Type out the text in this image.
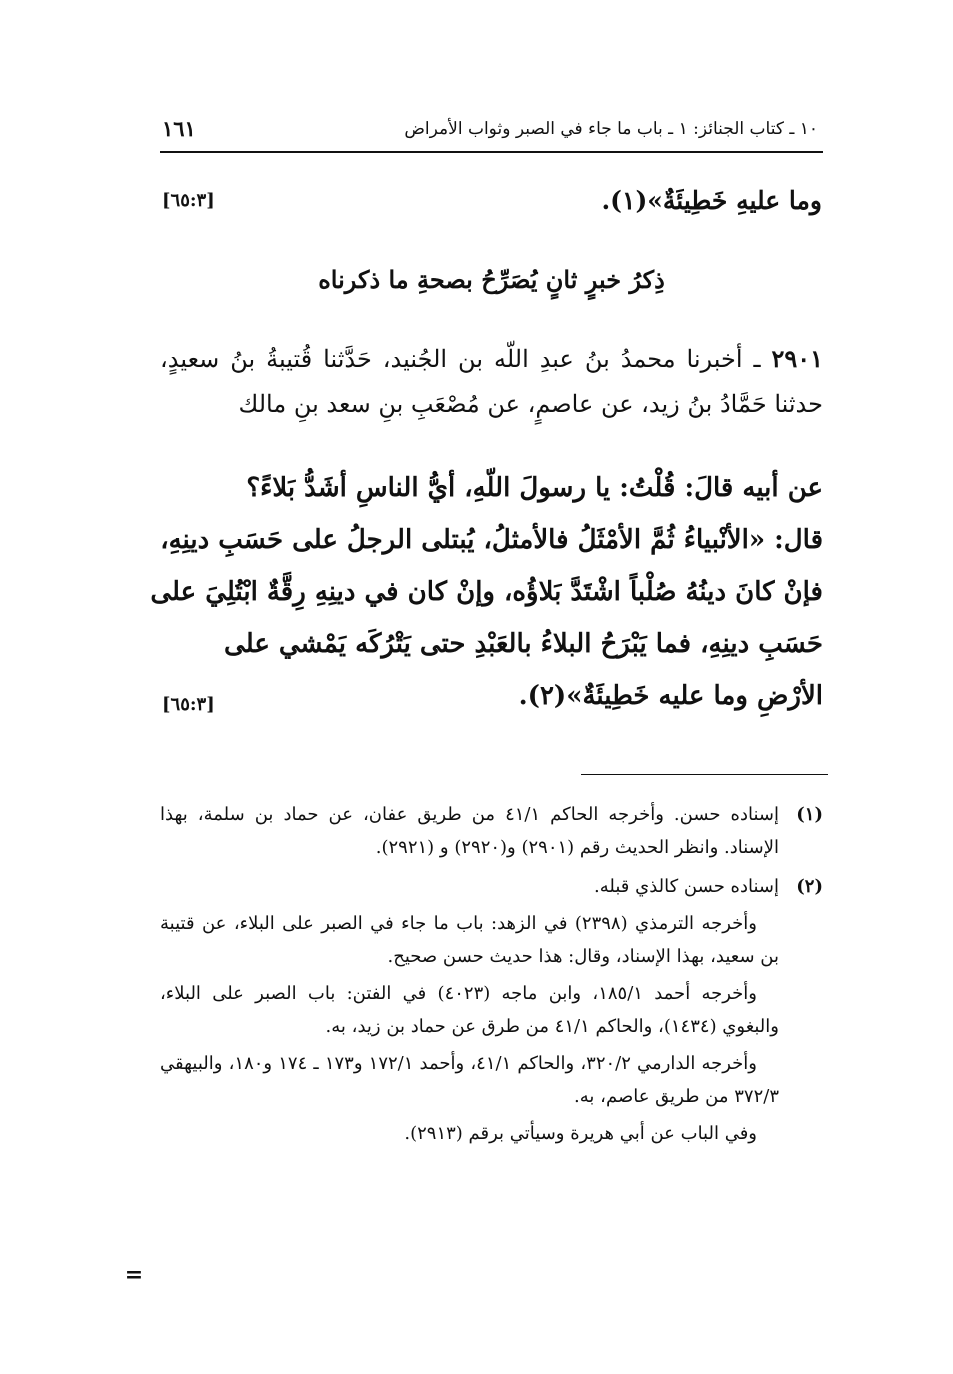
١٠ ـ كتاب الجنائز: ١ ـ باب ما جاء في الصبر وثواب الأمراض
١٦١
وما عليهِ خَطِيئَةٌ»(١).
[٦٥:٣]
ذِكرُ خبرٍ ثانٍ يُصَرِّحُ بصحةِ ما ذكرناه
٢٩٠١ ـ أخبرنا محمدُ بنُ عبدِ اللّه بن الجُنيد، حَدَّثنا قُتيبةُ بنُ سعيدٍ، حدثنا حَمَّادُ بنُ زيد، عن عاصمٍ، عن مُصْعَبِ بنِ سعد بنِ مالك
عن أبيه قالَ: قُلْتُ: يا رسولَ اللّهِ، أيُّ الناسِ أشَدُّ بَلاءً؟
قال: «الأنْبياءُ ثُمَّ الأمْثَلُ فالأمثلُ، يُبتلى الرجلُ على حَسَبِ دينِهِ،
فإنْ كانَ دينُهُ صُلْباً اشْتَدَّ بَلاؤُه، وإنْ كان في دينِهِ رِقَّةٌ ابْتُلِيَ على
حَسَبِ دينِهِ، فما يَبْرَحُ البلاءُ بالعَبْدِ حتى يَتْرُكَه يَمْشي على
الأرْضِ وما عليه خَطِيئَةٌ»(٢).
[٦٥:٣]
(١)

إسناده حسن. وأخرجه الحاكم ٤١/١ من طريق عفان، عن حماد بن سلمة، بهذا الإسناد. وانظر الحديث رقم (٢٩٠١) و(٢٩٢٠) و (٢٩٢١).

(٢)

إسناده حسن كالذي قبله.

وأخرجه الترمذي (٢٣٩٨) في الزهد: باب ما جاء في الصبر على البلاء، عن قتيبة بن سعيد، بهذا الإسناد، وقال: هذا حديث حسن صحيح.

وأخرجه أحمد ١٨٥/١، وابن ماجه (٤٠٢٣) في الفتن: باب الصبر على البلاء، والبغوي (١٤٣٤)، والحاكم ٤١/١ من طرق عن حماد بن زيد، به.

وأخرجه الدارمي ٣٢٠/٢، والحاكم ٤١/١، وأحمد ١٧٢/١ و١٧٣ ـ ١٧٤ و١٨٠، والبيهقي ٣٧٢/٣ من طريق عاصم، به.

وفي الباب عن أبي هريرة وسيأتي برقم (٢٩١٣).

=
